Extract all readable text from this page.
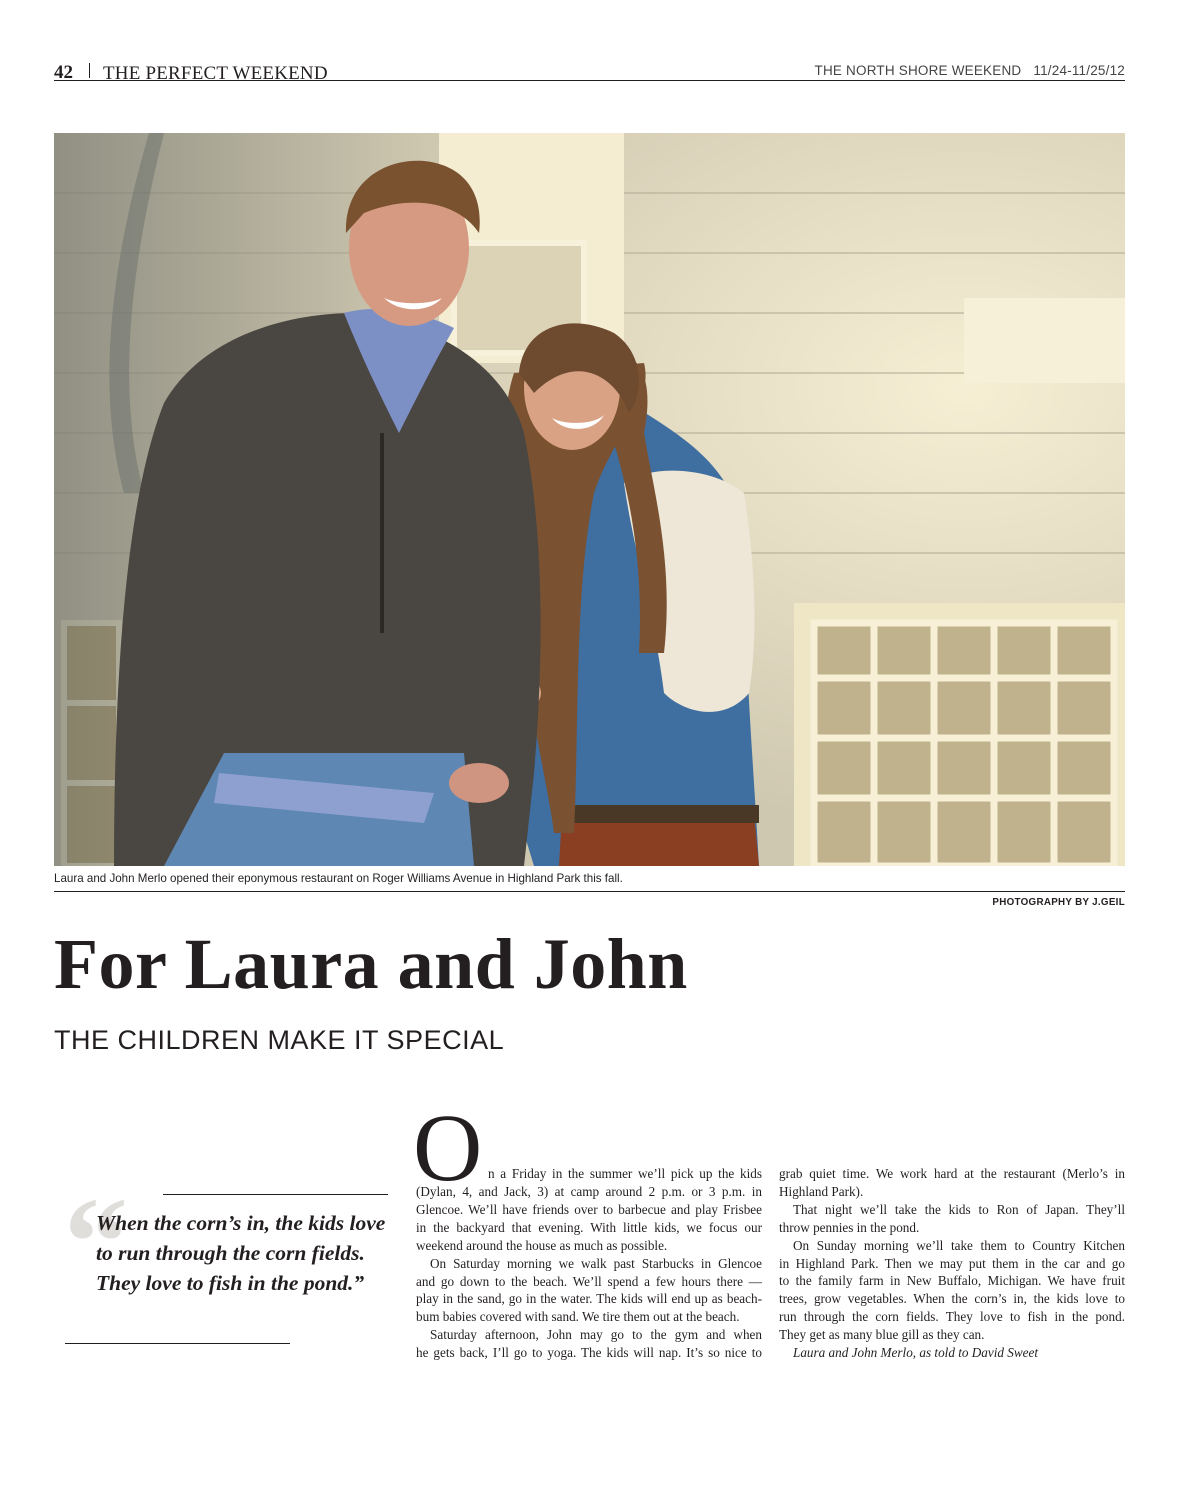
42 THE PERFECT WEEKEND	THE NORTH SHORE WEEKEND 11/24-11/25/12
Laura and John Merlo opened their eponymous restaurant on Roger Williams Avenue in Highland Park this fall.
PHOTOGRAPHY BY J.GEIL
For Laura and John
THE CHILDREN MAKE IT SPECIAL
“
When the corn’s in, the kids love to run through the corn fields. They love to fish in the pond.”
O n a Friday in the summer we’ll pick up the kids
(Dylan, 4, and Jack, 3) at camp around 2 p.m. or 3 p.m. in
Glencoe. We’ll have friends over to barbecue and play Frisbee
in the backyard that evening. With little kids, we focus our
weekend around the house as much as possible.
On Saturday morning we walk past Starbucks in Glencoe
and go down to the beach. We’ll spend a few hours there —
play in the sand, go in the water. The kids will end up as beach-
bum babies covered with sand. We tire them out at the beach.
Saturday afternoon, John may go to the gym and when
he gets back, I’ll go to yoga. The kids will nap. It’s so nice to
grab quiet time. We work hard at the restaurant (Merlo’s in
Highland Park).
That night we’ll take the kids to Ron of Japan. They’ll
throw pennies in the pond.
On Sunday morning we’ll take them to Country Kitchen
in Highland Park. Then we may put them in the car and go
to the family farm in New Buffalo, Michigan. We have fruit
trees, grow vegetables. When the corn’s in, the kids love to
run through the corn fields. They love to fish in the pond.
They get as many blue gill as they can.
Laura and John Merlo, as told to David Sweet
